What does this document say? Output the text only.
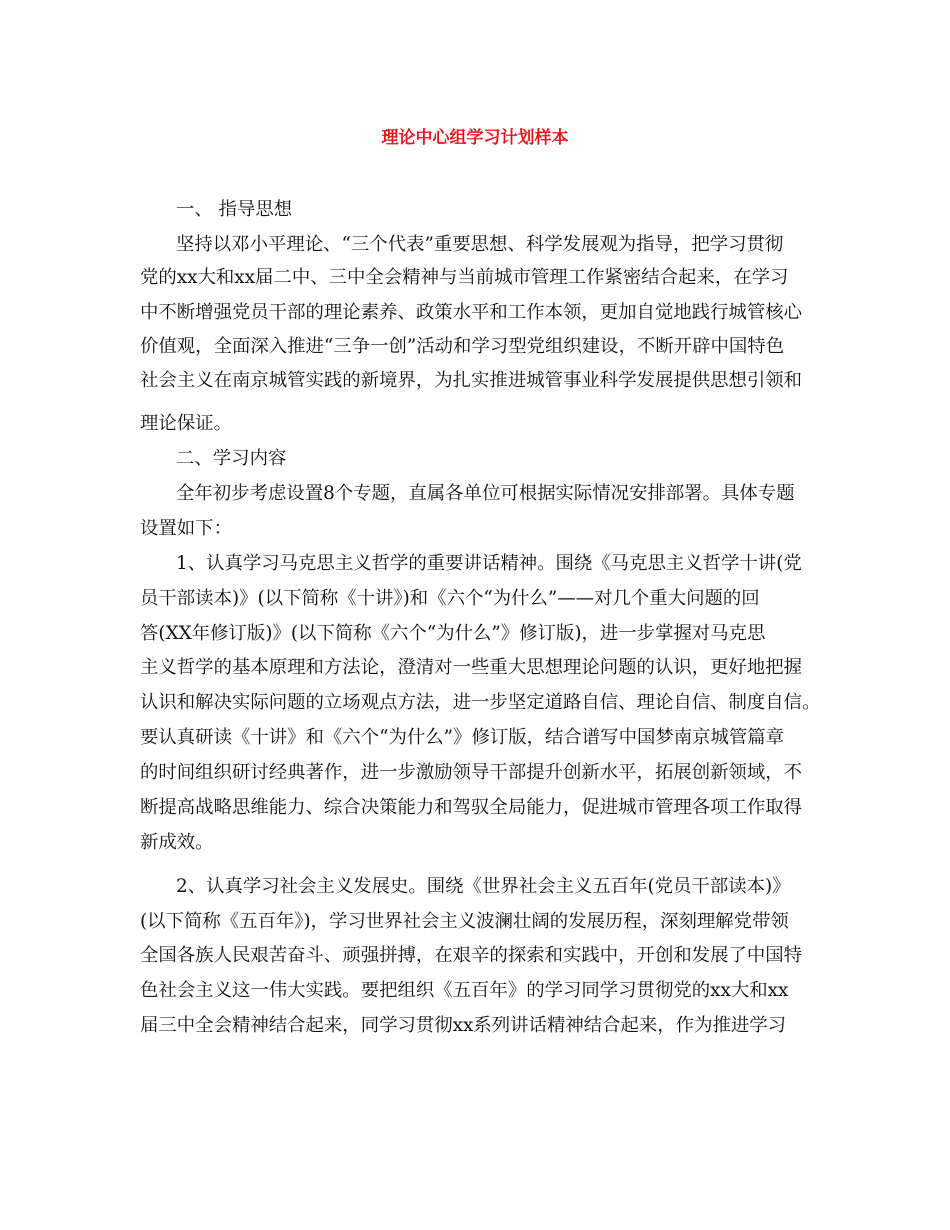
理论中心组学习计划样本

一、 指导思想

坚持以邓小平理论、“三个代表”重要思想、科学发展观为指导，把学习贯彻

党的xx大和xx届二中、三中全会精神与当前城市管理工作紧密结合起来，在学习

中不断增强党员干部的理论素养、政策水平和工作本领，更加自觉地践行城管核心

价值观，全面深入推进“三争一创”活动和学习型党组织建设，不断开辟中国特色

社会主义在南京城管实践的新境界，为扎实推进城管事业科学发展提供思想引领和

理论保证。

二、学习内容

全年初步考虑设置8个专题，直属各单位可根据实际情况安排部署。具体专题

设置如下：

1、认真学习马克思主义哲学的重要讲话精神。围绕《马克思主义哲学十讲(党

员干部读本)》(以下简称《十讲》)和《六个“为什么”——对几个重大问题的回

答(XX年修订版)》(以下简称《六个“为什么”》修订版)，进一步掌握对马克思

主义哲学的基本原理和方法论，澄清对一些重大思想理论问题的认识，更好地把握

认识和解决实际问题的立场观点方法，进一步坚定道路自信、理论自信、制度自信。

要认真研读《十讲》和《六个“为什么”》修订版，结合谱写中国梦南京城管篇章

的时间组织研讨经典著作，进一步激励领导干部提升创新水平，拓展创新领域，不

断提高战略思维能力、综合决策能力和驾驭全局能力，促进城市管理各项工作取得

新成效。

2、认真学习社会主义发展史。围绕《世界社会主义五百年(党员干部读本)》

(以下简称《五百年》)，学习世界社会主义波澜壮阔的发展历程，深刻理解党带领

全国各族人民艰苦奋斗、顽强拼搏，在艰辛的探索和实践中，开创和发展了中国特

色社会主义这一伟大实践。要把组织《五百年》的学习同学习贯彻党的xx大和xx

届三中全会精神结合起来，同学习贯彻xx系列讲话精神结合起来，作为推进学习
